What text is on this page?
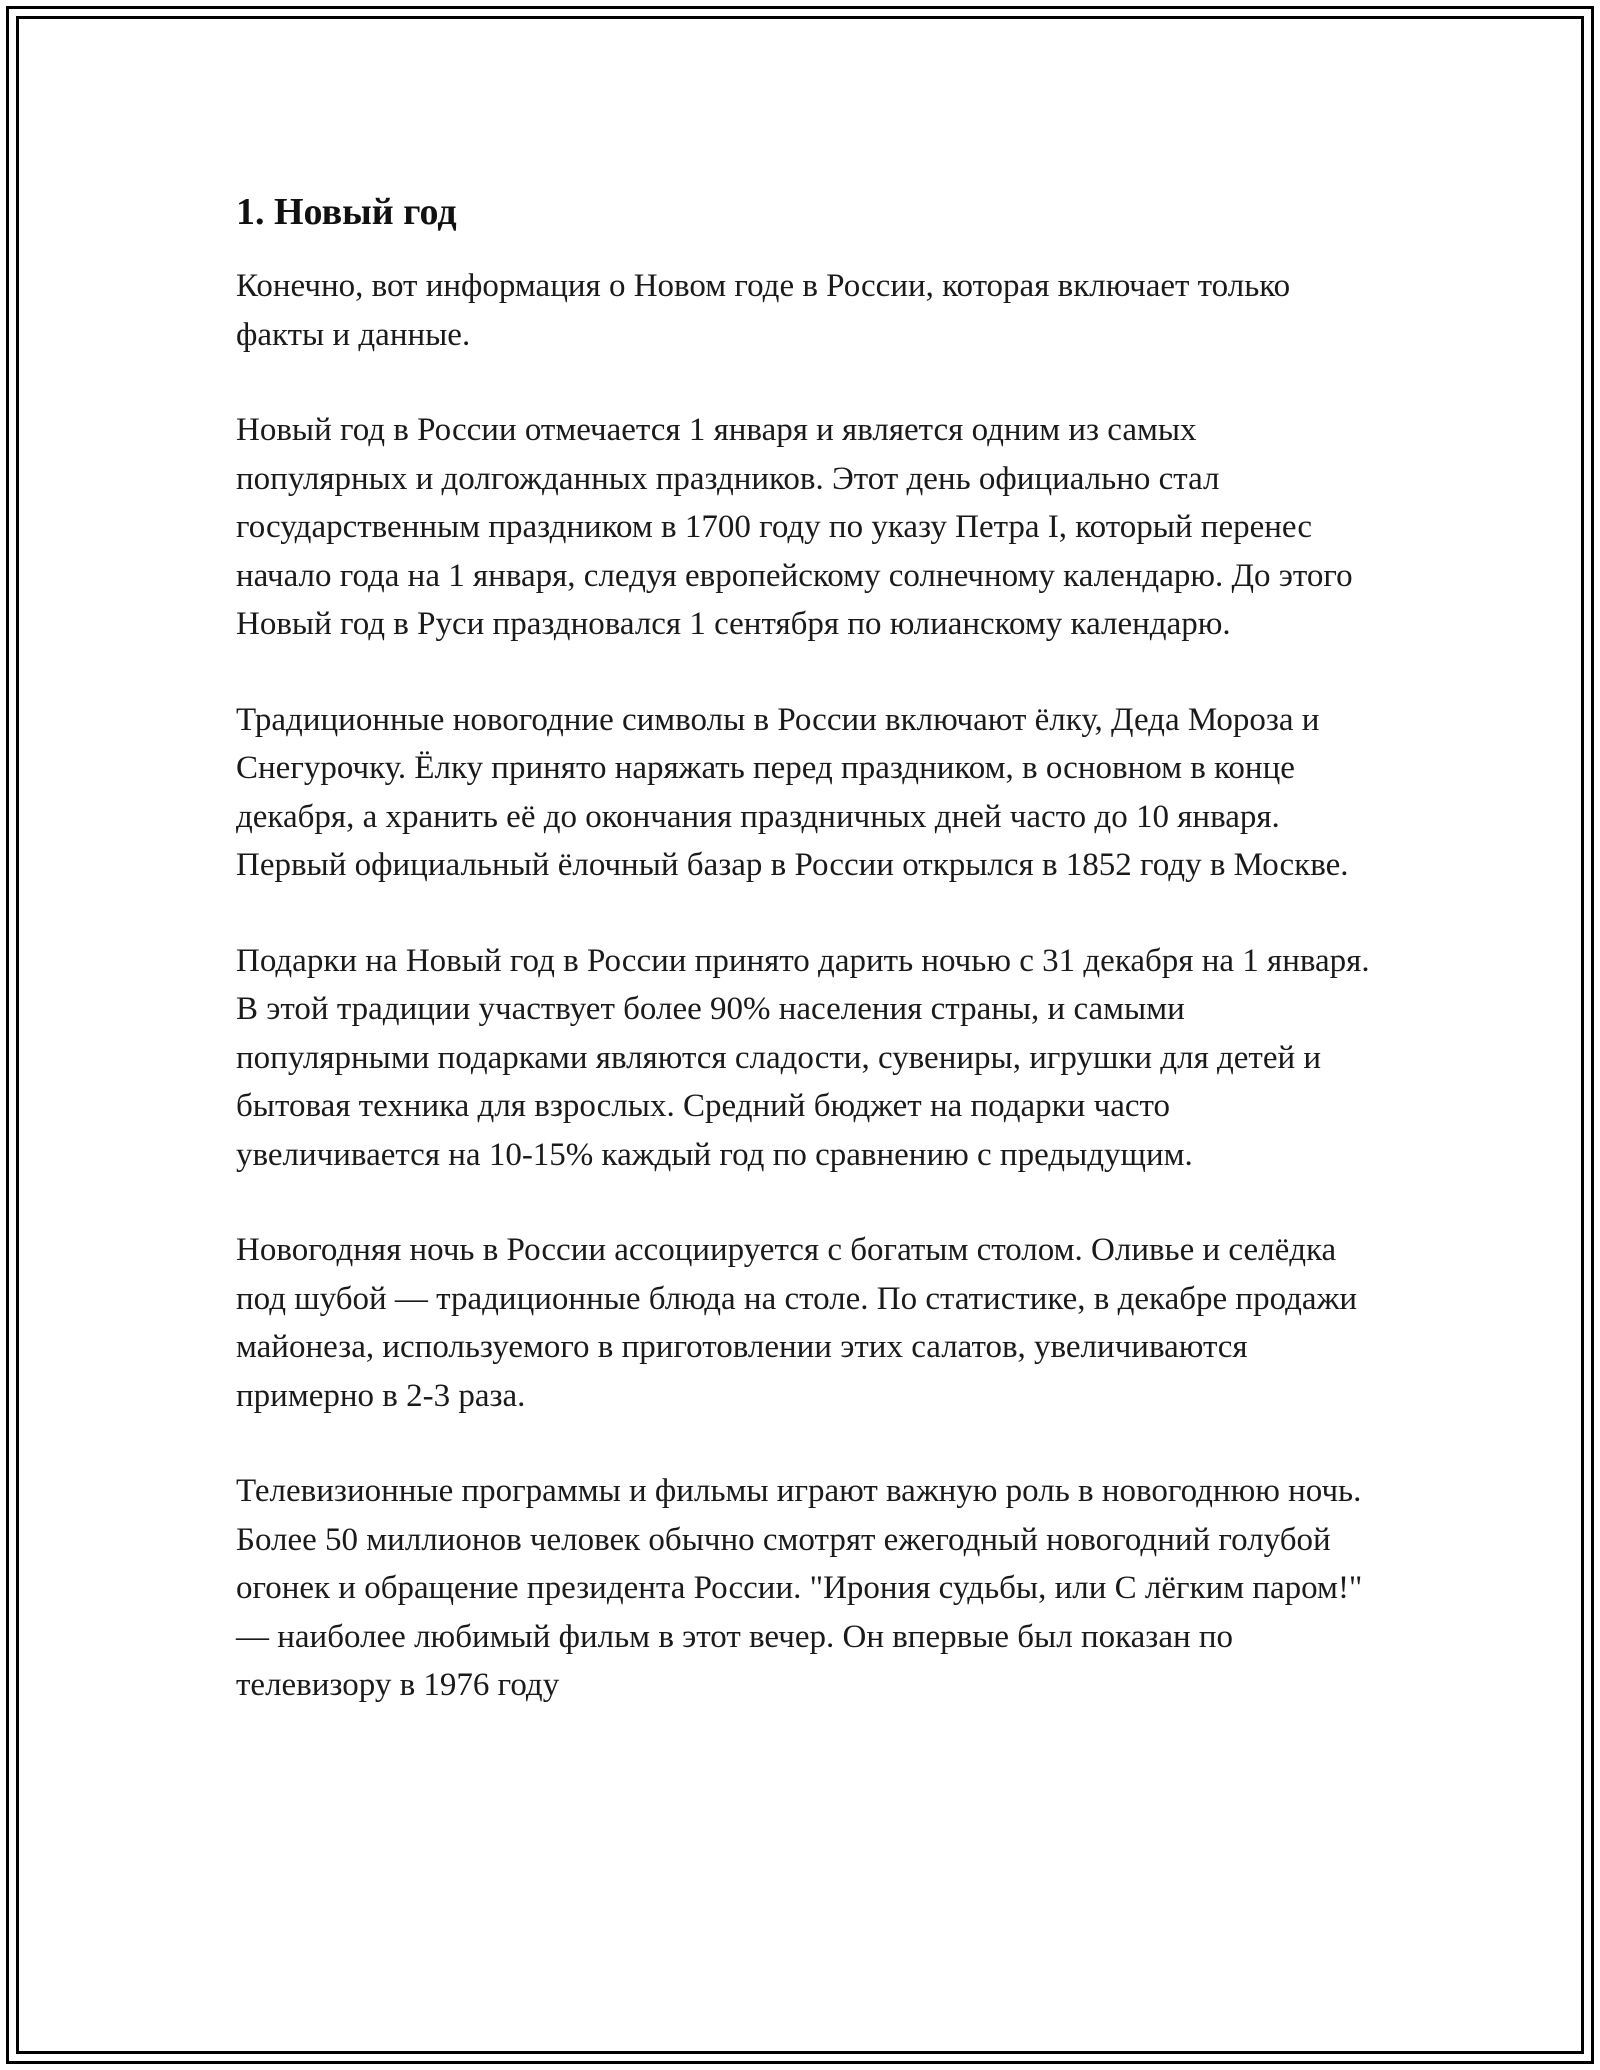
1. Новый год

Конечно, вот информация о Новом годе в России, которая включает только факты и данные.

Новый год в России отмечается 1 января и является одним из самых популярных и долгожданных праздников. Этот день официально стал государственным праздником в 1700 году по указу Петра I, который перенес начало года на 1 января, следуя европейскому солнечному календарю. До этого Новый год в Руси праздновался 1 сентября по юлианскому календарю.

Традиционные новогодние символы в России включают ёлку, Деда Мороза и Снегурочку. Ёлку принято наряжать перед праздником, в основном в конце декабря, а хранить её до окончания праздничных дней часто до 10 января. Первый официальный ёлочный базар в России открылся в 1852 году в Москве.

Подарки на Новый год в России принято дарить ночью с 31 декабря на 1 января. В этой традиции участвует более 90% населения страны, и самыми популярными подарками являются сладости, сувениры, игрушки для детей и бытовая техника для взрослых. Средний бюджет на подарки часто увеличивается на 10-15% каждый год по сравнению с предыдущим.

Новогодняя ночь в России ассоциируется с богатым столом. Оливье и селёдка под шубой — традиционные блюда на столе. По статистике, в декабре продажи майонеза, используемого в приготовлении этих салатов, увеличиваются примерно в 2-3 раза.

Телевизионные программы и фильмы играют важную роль в новогоднюю ночь. Более 50 миллионов человек обычно смотрят ежегодный новогодний голубой огонек и обращение президента России. "Ирония судьбы, или С лёгким паром!" — наиболее любимый фильм в этот вечер. Он впервые был показан по телевизору в 1976 году
